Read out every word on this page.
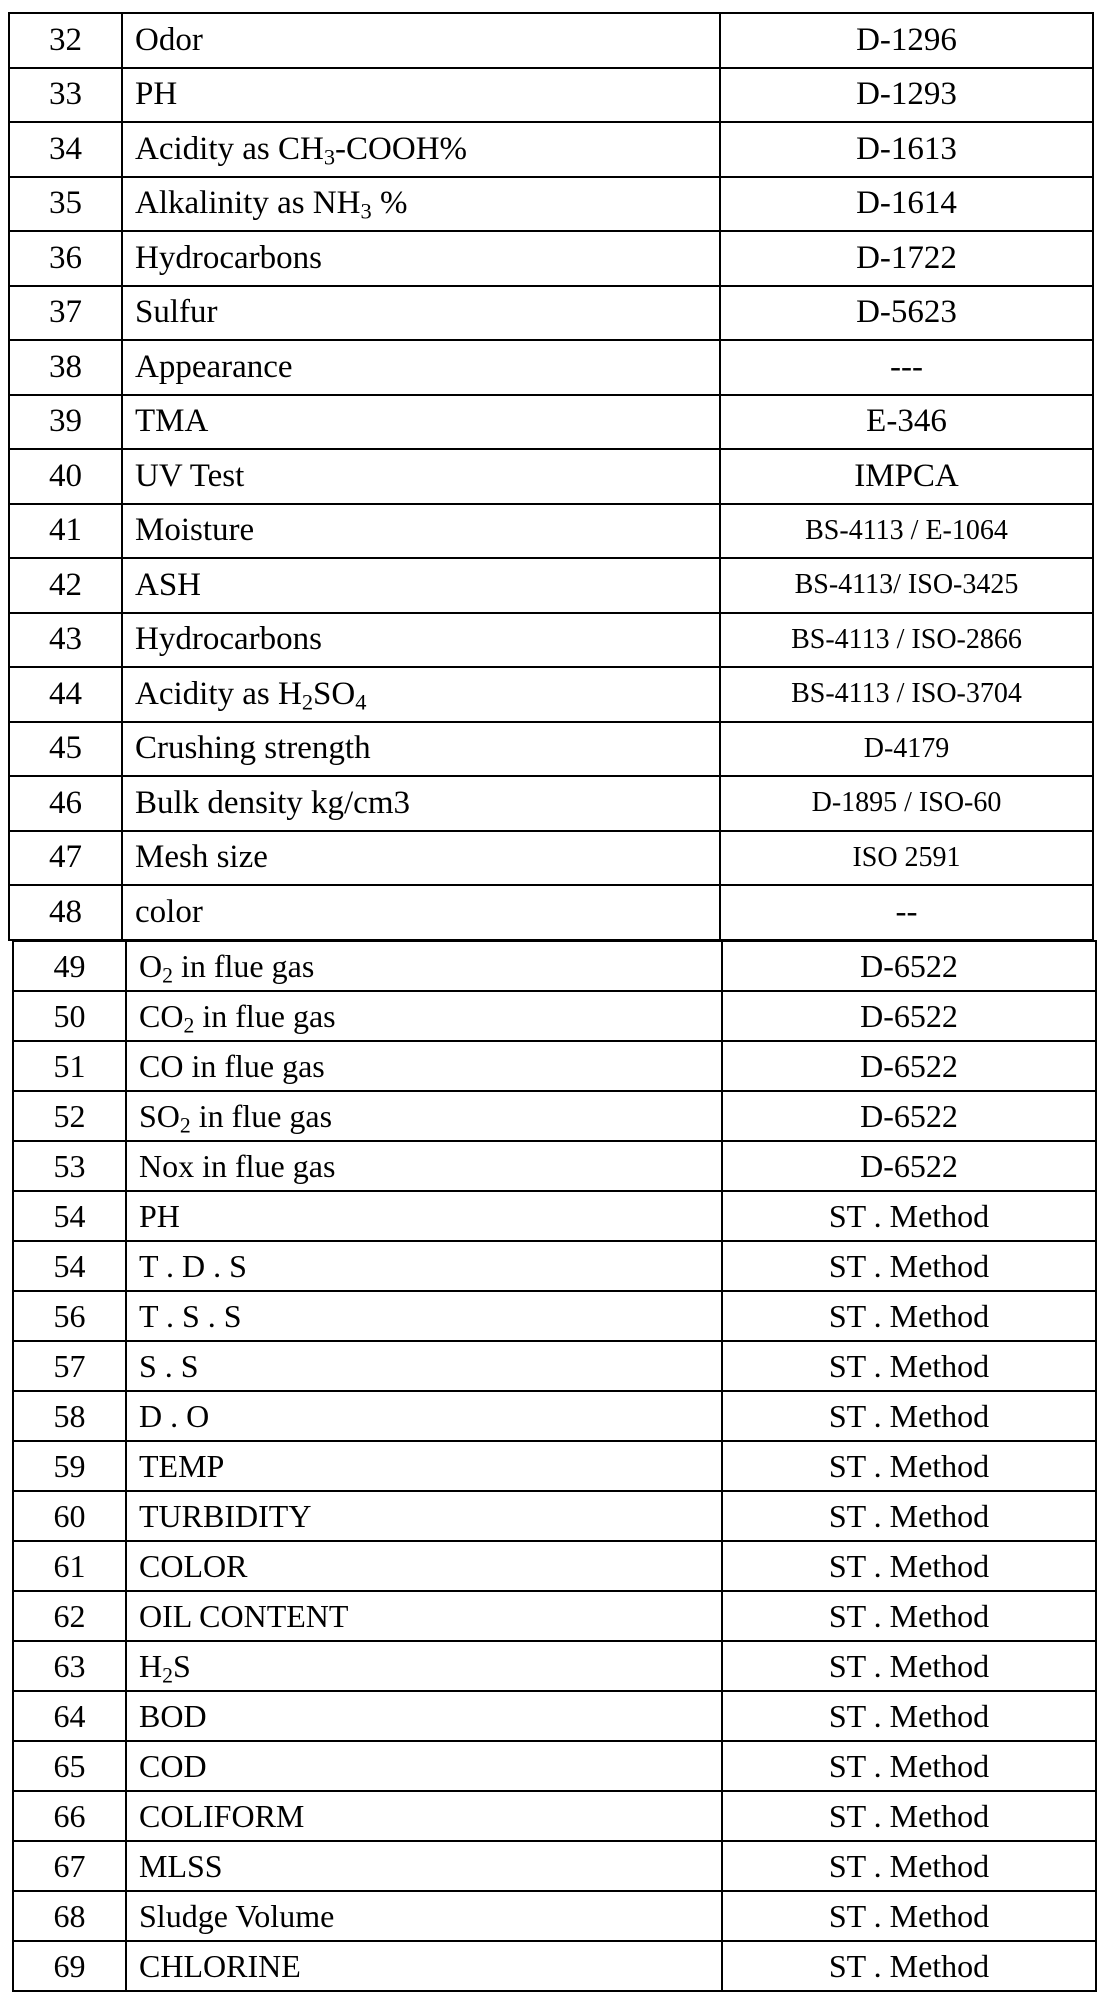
32	Odor	D-1296
33	PH	D-1293
34	Acidity as $CH_3-COOH\%$	D-1613
35	Alkalinity as $NH_3$ %	D-1614
36	Hydrocarbons	D-1722
37	Sulfur	D-5623
38	Appearance	---
39	TMA	E-346
40	UV Test	IMPCA
41	Moisture	BS-4113 / E-1064
42	ASH	BS-4113/ ISO-3425
43	Hydrocarbons	BS-4113 / ISO-2866
44	Acidity as $H_2SO_4$	BS-4113 / ISO-3704
45	Crushing strength	D-4179
46	Bulk density kg/cm3	D-1895 / ISO-60
47	Mesh size	ISO 2591
48	color	--
49	$O_2$ in flue gas	D-6522
50	$CO_2$ in flue gas	D-6522
51	CO in flue gas	D-6522
52	$SO_2$ in flue gas	D-6522
53	Nox in flue gas	D-6522
54	PH	ST . Method
54	T . D . S	ST . Method
56	T . S . S	ST . Method
57	S . S	ST . Method
58	D . O	ST . Method
59	TEMP	ST . Method
60	TURBIDITY	ST . Method
61	COLOR	ST . Method
62	OIL CONTENT	ST . Method
63	$H_2S$	ST . Method
64	BOD	ST . Method
65	COD	ST . Method
66	COLIFORM	ST . Method
67	MLSS	ST . Method
68	Sludge Volume	ST . Method
69	CHLORINE	ST . Method
